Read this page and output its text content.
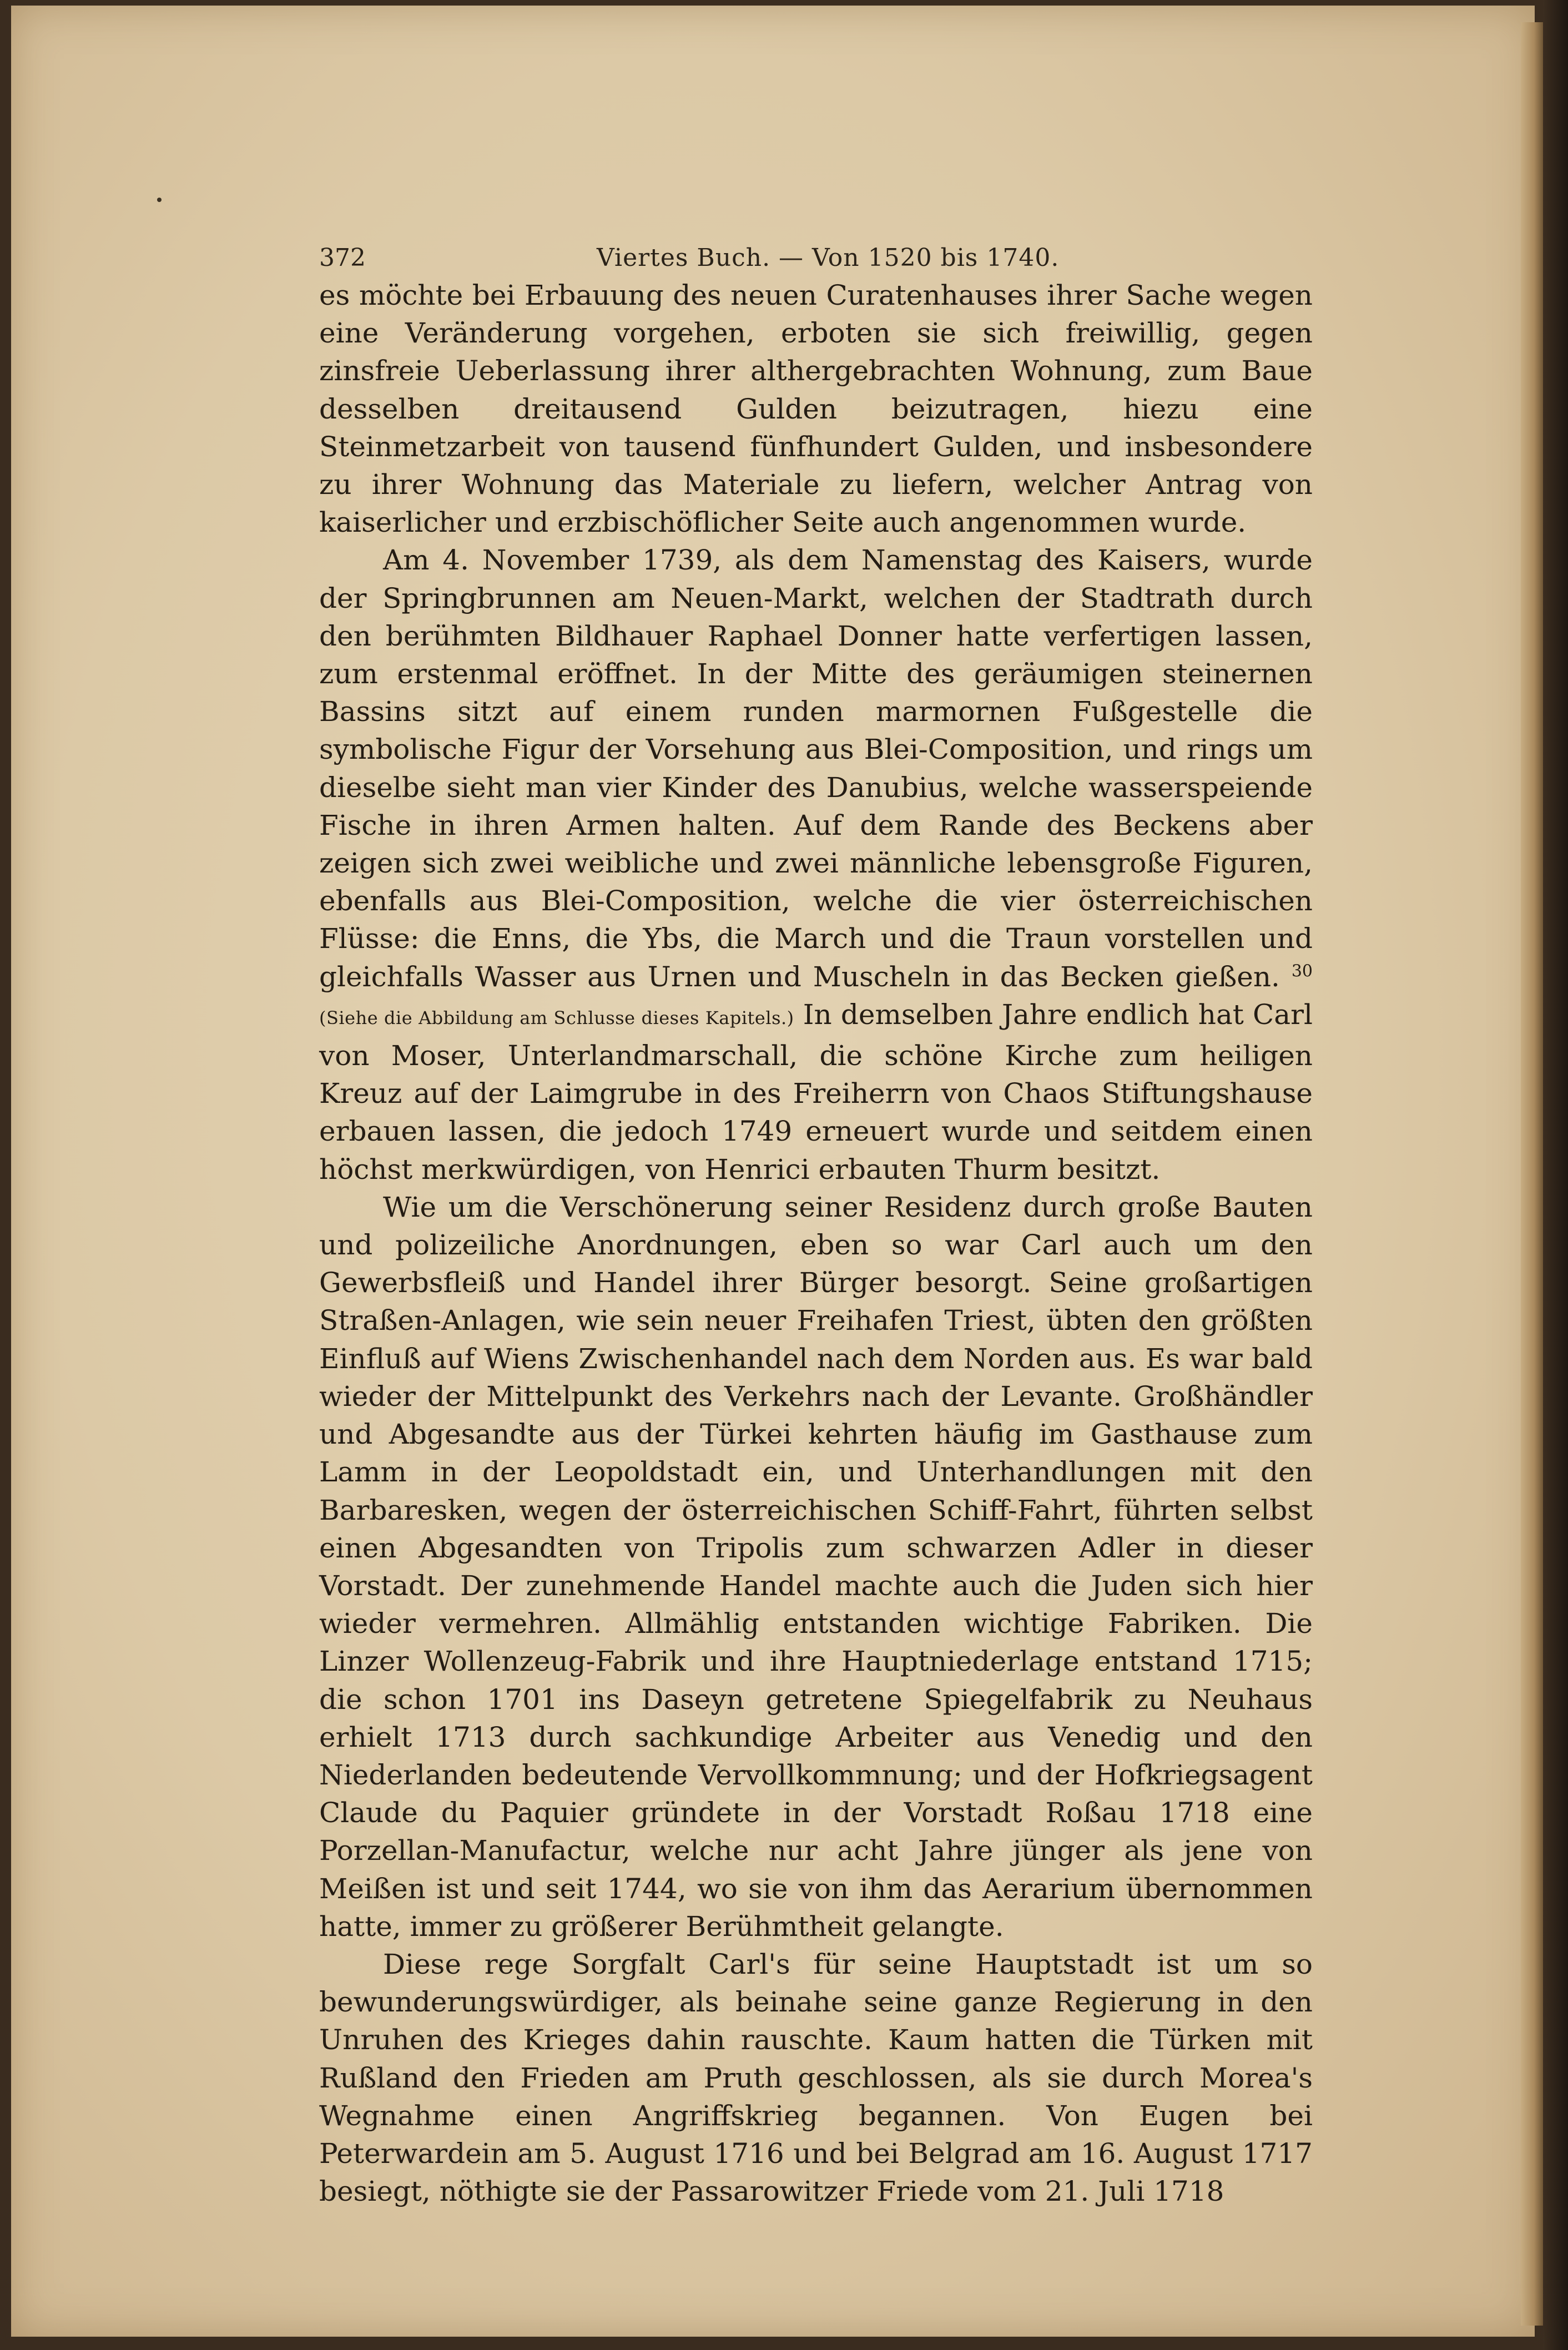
372	Viertes Buch. — Von 1520 bis 1740.

es möchte bei Erbauung des neuen Curatenhauses ihrer Sache wegen eine Veränderung vorgehen, erboten sie sich freiwillig, gegen zinsfreie Ueberlassung ihrer althergebrachten Wohnung, zum Baue desselben dreitausend Gulden beizutragen, hiezu eine Steinmetzarbeit von tausend fünfhundert Gulden, und insbesondere zu ihrer Wohnung das Materiale zu liefern, welcher Antrag von kaiserlicher und erzbischöflicher Seite auch angenommen wurde.

Am 4. November 1739, als dem Namenstag des Kaisers, wurde der Springbrunnen am Neuen-Markt, welchen der Stadtrath durch den berühmten Bildhauer Raphael Donner hatte verfertigen lassen, zum erstenmal eröffnet. In der Mitte des geräumigen steinernen Bassins sitzt auf einem runden marmornen Fußgestelle die symbolische Figur der Vorsehung aus Blei-Composition, und rings um dieselbe sieht man vier Kinder des Danubius, welche wasserspeiende Fische in ihren Armen halten. Auf dem Rande des Beckens aber zeigen sich zwei weibliche und zwei männliche lebensgroße Figuren, ebenfalls aus Blei-Composition, welche die vier österreichischen Flüsse: die Enns, die Ybs, die March und die Traun vorstellen und gleichfalls Wasser aus Urnen und Muscheln in das Becken gießen. $^{30}$ (Siehe die Abbildung am Schlusse dieses Kapitels.) In demselben Jahre endlich hat Carl von Moser, Unterlandmarschall, die schöne Kirche zum heiligen Kreuz auf der Laimgrube in des Freiherrn von Chaos Stiftungshause erbauen lassen, die jedoch 1749 erneuert wurde und seitdem einen höchst merkwürdigen, von Henrici erbauten Thurm besitzt.

Wie um die Verschönerung seiner Residenz durch große Bauten und polizeiliche Anordnungen, eben so war Carl auch um den Gewerbsfleiß und Handel ihrer Bürger besorgt. Seine großartigen Straßen-Anlagen, wie sein neuer Freihafen Triest, übten den größten Einfluß auf Wiens Zwischenhandel nach dem Norden aus. Es war bald wieder der Mittelpunkt des Verkehrs nach der Levante. Großhändler und Abgesandte aus der Türkei kehrten häufig im Gasthause zum Lamm in der Leopoldstadt ein, und Unterhandlungen mit den Barbaresken, wegen der österreichischen Schiff-Fahrt, führten selbst einen Abgesandten von Tripolis zum schwarzen Adler in dieser Vorstadt. Der zunehmende Handel machte auch die Juden sich hier wieder vermehren. Allmählig entstanden wichtige Fabriken. Die Linzer Wollenzeug-Fabrik und ihre Hauptniederlage entstand 1715; die schon 1701 ins Daseyn getretene Spiegelfabrik zu Neuhaus erhielt 1713 durch sachkundige Arbeiter aus Venedig und den Niederlanden bedeutende Vervollkommnung; und der Hofkriegsagent Claude du Paquier gründete in der Vorstadt Roßau 1718 eine Porzellan-Manufactur, welche nur acht Jahre jünger als jene von Meißen ist und seit 1744, wo sie von ihm das Aerarium übernommen hatte, immer zu größerer Berühmtheit gelangte.

Diese rege Sorgfalt Carl's für seine Hauptstadt ist um so bewunderungswürdiger, als beinahe seine ganze Regierung in den Unruhen des Krieges dahin rauschte. Kaum hatten die Türken mit Rußland den Frieden am Pruth geschlossen, als sie durch Morea's Wegnahme einen Angriffskrieg begannen. Von Eugen bei Peterwardein am 5. August 1716 und bei Belgrad am 16. August 1717 besiegt, nöthigte sie der Passarowitzer Friede vom 21. Juli 1718
